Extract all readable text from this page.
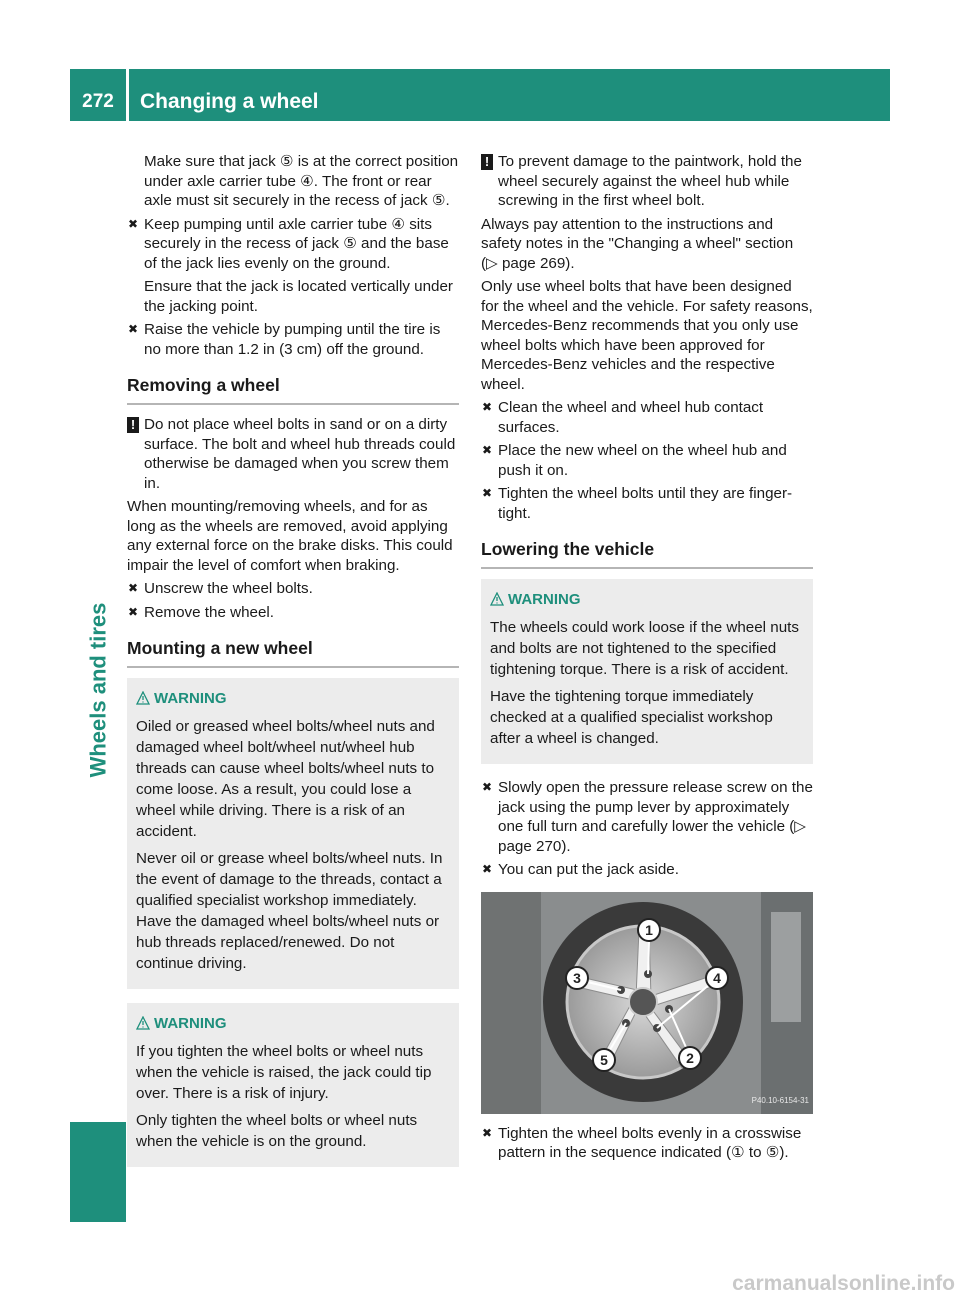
272	Changing a wheel
Wheels and tires

Make sure that jack ⑤ is at the correct position under axle carrier tube ④. The front or rear axle must sit securely in the recess of jack ⑤.

✖ Keep pumping until axle carrier tube ④ sits securely in the recess of jack ⑤ and the base of the jack lies evenly on the ground.

Ensure that the jack is located vertically under the jacking point.

✖ Raise the vehicle by pumping until the tire is no more than 1.2 in (3 cm) off the ground.
Removing a wheel
! Do not place wheel bolts in sand or on a dirty surface. The bolt and wheel hub threads could otherwise be damaged when you screw them in.

When mounting/removing wheels, and for as long as the wheels are removed, avoid applying any external force on the brake disks. This could impair the level of comfort when braking.

✖ Unscrew the wheel bolts.
✖ Remove the wheel.
Mounting a new wheel
WARNING

Oiled or greased wheel bolts/wheel nuts and damaged wheel bolt/wheel nut/wheel hub threads can cause wheel bolts/wheel nuts to come loose. As a result, you could lose a wheel while driving. There is a risk of an accident.

Never oil or grease wheel bolts/wheel nuts. In the event of damage to the threads, contact a qualified specialist workshop immediately. Have the damaged wheel bolts/wheel nuts or hub threads replaced/renewed. Do not continue driving.

WARNING

If you tighten the wheel bolts or wheel nuts when the vehicle is raised, the jack could tip over. There is a risk of injury.

Only tighten the wheel bolts or wheel nuts when the vehicle is on the ground.

! To prevent damage to the paintwork, hold the wheel securely against the wheel hub while screwing in the first wheel bolt.

Always pay attention to the instructions and safety notes in the "Changing a wheel" section (▷ page 269).

Only use wheel bolts that have been designed for the wheel and the vehicle. For safety reasons, Mercedes-Benz recommends that you only use wheel bolts which have been approved for Mercedes-Benz vehicles and the respective wheel.

✖ Clean the wheel and wheel hub contact surfaces.
✖ Place the new wheel on the wheel hub and push it on.
✖ Tighten the wheel bolts until they are finger-tight.
Lowering the vehicle
WARNING

The wheels could work loose if the wheel nuts and bolts are not tightened to the specified tightening torque. There is a risk of accident.

Have the tightening torque immediately checked at a qualified specialist workshop after a wheel is changed.

✖ Slowly open the pressure release screw on the jack using the pump lever by approximately one full turn and carefully lower the vehicle (▷ page 270).
✖ You can put the jack aside.
1
2
3	4
5
P40.10-6154-31
✖ Tighten the wheel bolts evenly in a crosswise pattern in the sequence indicated (① to ⑤).
carmanualsonline.info
